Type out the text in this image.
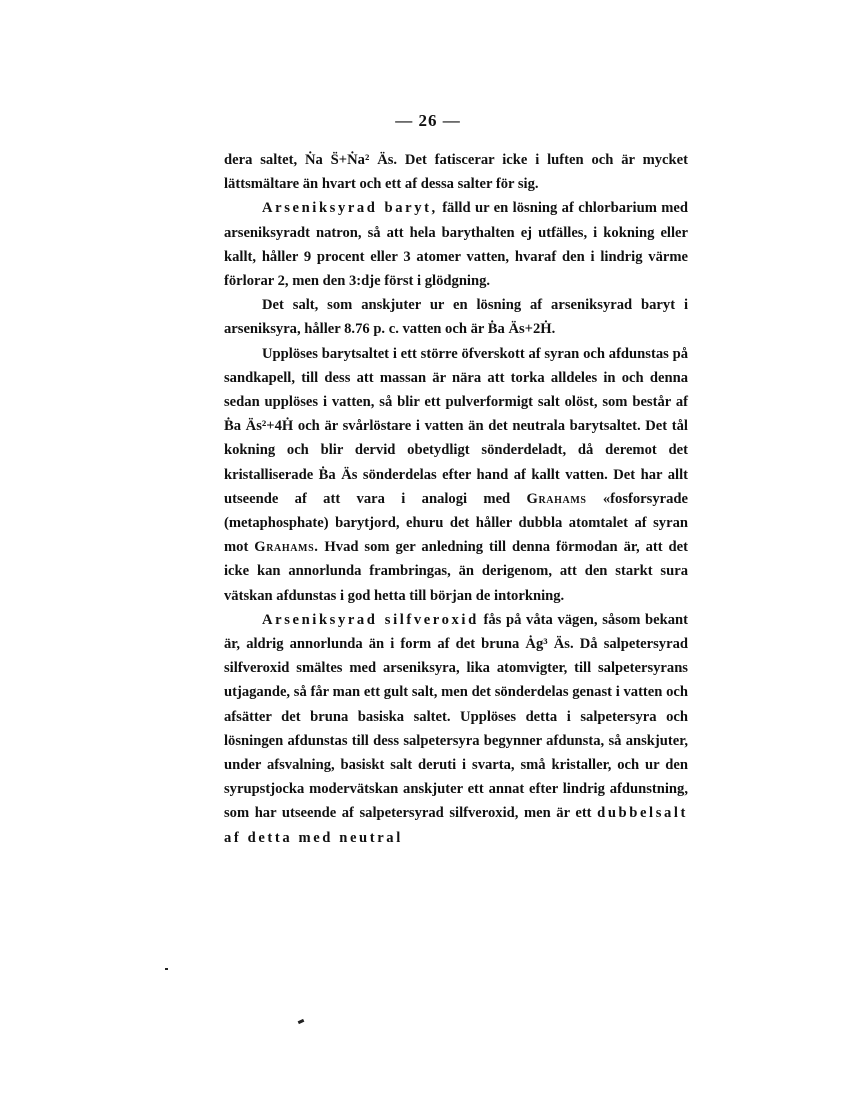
— 26 —

dera saltet, Ṅa S̈+Ṅa² Äs. Det fatiscerar icke i luften och är mycket lättsmältare än hvart och ett af dessa salter för sig.

Arseniksyrad baryt, fälld ur en lösning af chlorbarium med arseniksyradt natron, så att hela barythalten ej utfälles, i kokning eller kallt, håller 9 procent eller 3 atomer vatten, hvaraf den i lindrig värme förlorar 2, men den 3:dje först i glödgning.

Det salt, som anskjuter ur en lösning af arseniksyrad baryt i arseniksyra, håller 8.76 p. c. vatten och är Ḃa Äs+2Ḣ.

Upplöses barytsaltet i ett större öfverskott af syran och afdunstas på sandkapell, till dess att massan är nära att torka alldeles in och denna sedan upplöses i vatten, så blir ett pulverformigt salt olöst, som består af Ḃa Äs²+4Ḣ och är svårlöstare i vatten än det neutrala barytsaltet. Det tål kokning och blir dervid obetydligt sönderdeladt, då deremot det kristalliserade Ḃa Äs sönderdelas efter hand af kallt vatten. Det har allt utseende af att vara i analogi med Grahams «fosforsyrade (metaphosphate) barytjord, ehuru det håller dubbla atomtalet af syran mot Grahams. Hvad som ger anledning till denna förmodan är, att det icke kan annorlunda frambringas, än derigenom, att den starkt sura vätskan afdunstas i god hetta till början de intorkning.

Arseniksyrad silfveroxid fås på våta vägen, såsom bekant är, aldrig annorlunda än i form af det bruna Ȧg³ Äs. Då salpetersyrad silfveroxid smältes med arseniksyra, lika atomvigter, till salpetersyrans utjagande, så får man ett gult salt, men det sönderdelas genast i vatten och afsätter det bruna basiska saltet. Upplöses detta i salpetersyra och lösningen afdunstas till dess salpetersyra begynner afdunsta, så anskjuter, under afsvalning, basiskt salt deruti i svarta, små kristaller, och ur den syrupstjocka modervätskan anskjuter ett annat efter lindrig afdunstning, som har utseende af salpetersyrad silfveroxid, men är ett dubbelsalt af detta med neutral
